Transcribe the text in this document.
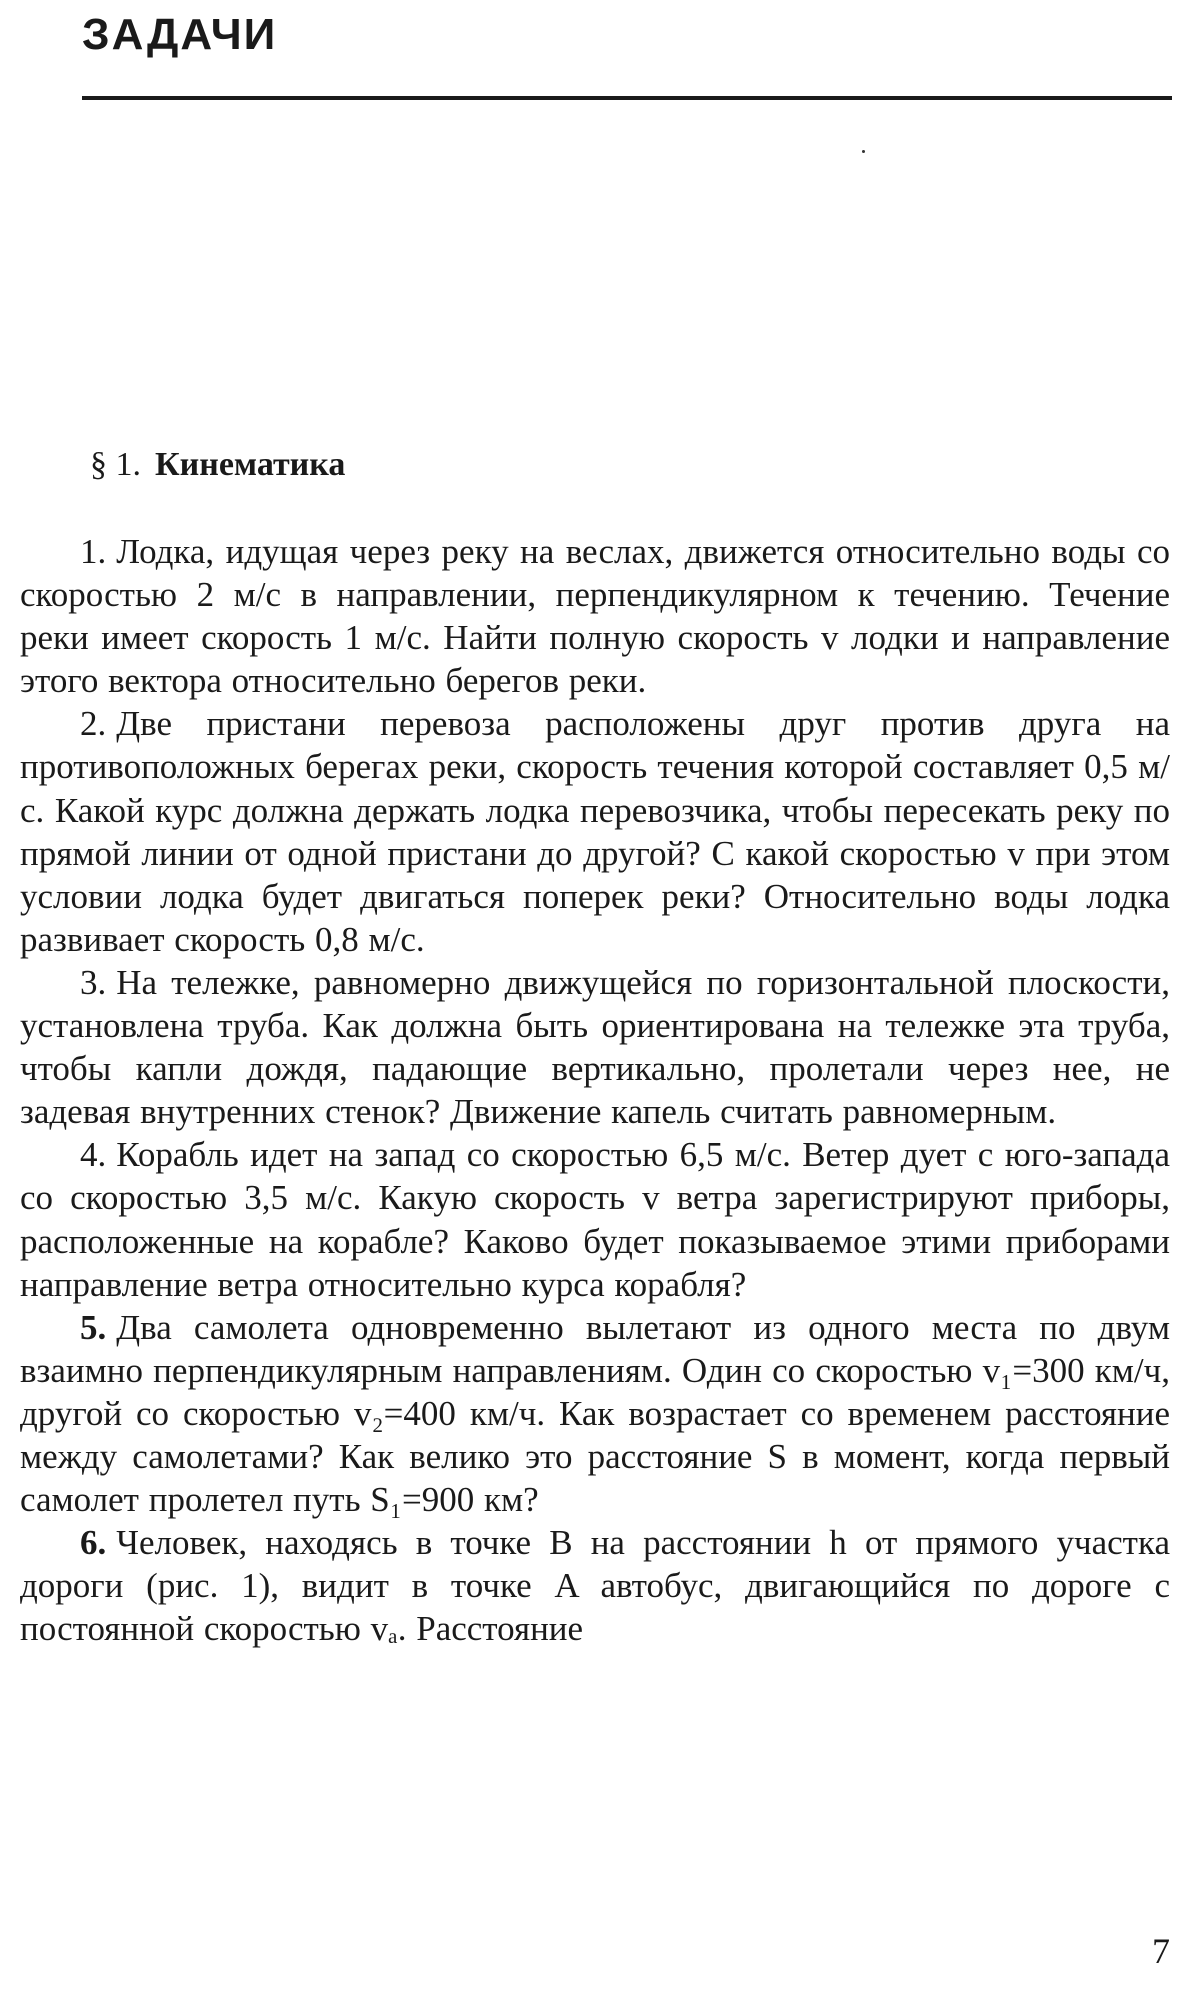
ЗАДАЧИ
§ 1. Кинематика

1. Лодка, идущая через реку на веслах, движется относительно воды со скоростью 2 м/с в направлении, перпендикулярном к течению. Течение реки имеет скорость 1 м/с. Найти полную скорость v лодки и направление этого вектора относительно берегов реки.

2. Две пристани перевоза расположены друг против друга на противоположных берегах реки, скорость течения которой составляет 0,5 м/с. Какой курс должна держать лодка перевозчика, чтобы пересекать реку по прямой линии от одной пристани до другой? С какой скоростью v при этом условии лодка будет двигаться поперек реки? Относительно воды лодка развивает скорость 0,8 м/с.

3. На тележке, равномерно движущейся по горизонтальной плоскости, установлена труба. Как должна быть ориентирована на тележке эта труба, чтобы капли дождя, падающие вертикально, пролетали через нее, не задевая внутренних стенок? Движение капель считать равномерным.

4. Корабль идет на запад со скоростью 6,5 м/с. Ветер дует с юго-запада со скоростью 3,5 м/с. Какую скорость v ветра зарегистрируют приборы, расположенные на корабле? Каково будет показываемое этими приборами направление ветра относительно курса корабля?

5. Два самолета одновременно вылетают из одного места по двум взаимно перпендикулярным направлениям. Один со скоростью v₁=300 км/ч, другой со скоростью v₂=400 км/ч. Как возрастает со временем расстояние между самолетами? Как велико это расстояние S в момент, когда первый самолет пролетел путь S₁=900 км?

6. Человек, находясь в точке B на расстоянии h от прямого участка дороги (рис. 1), видит в точке A автобус, двигающийся по дороге с постоянной скоростью vₐ. Расстояние

7
